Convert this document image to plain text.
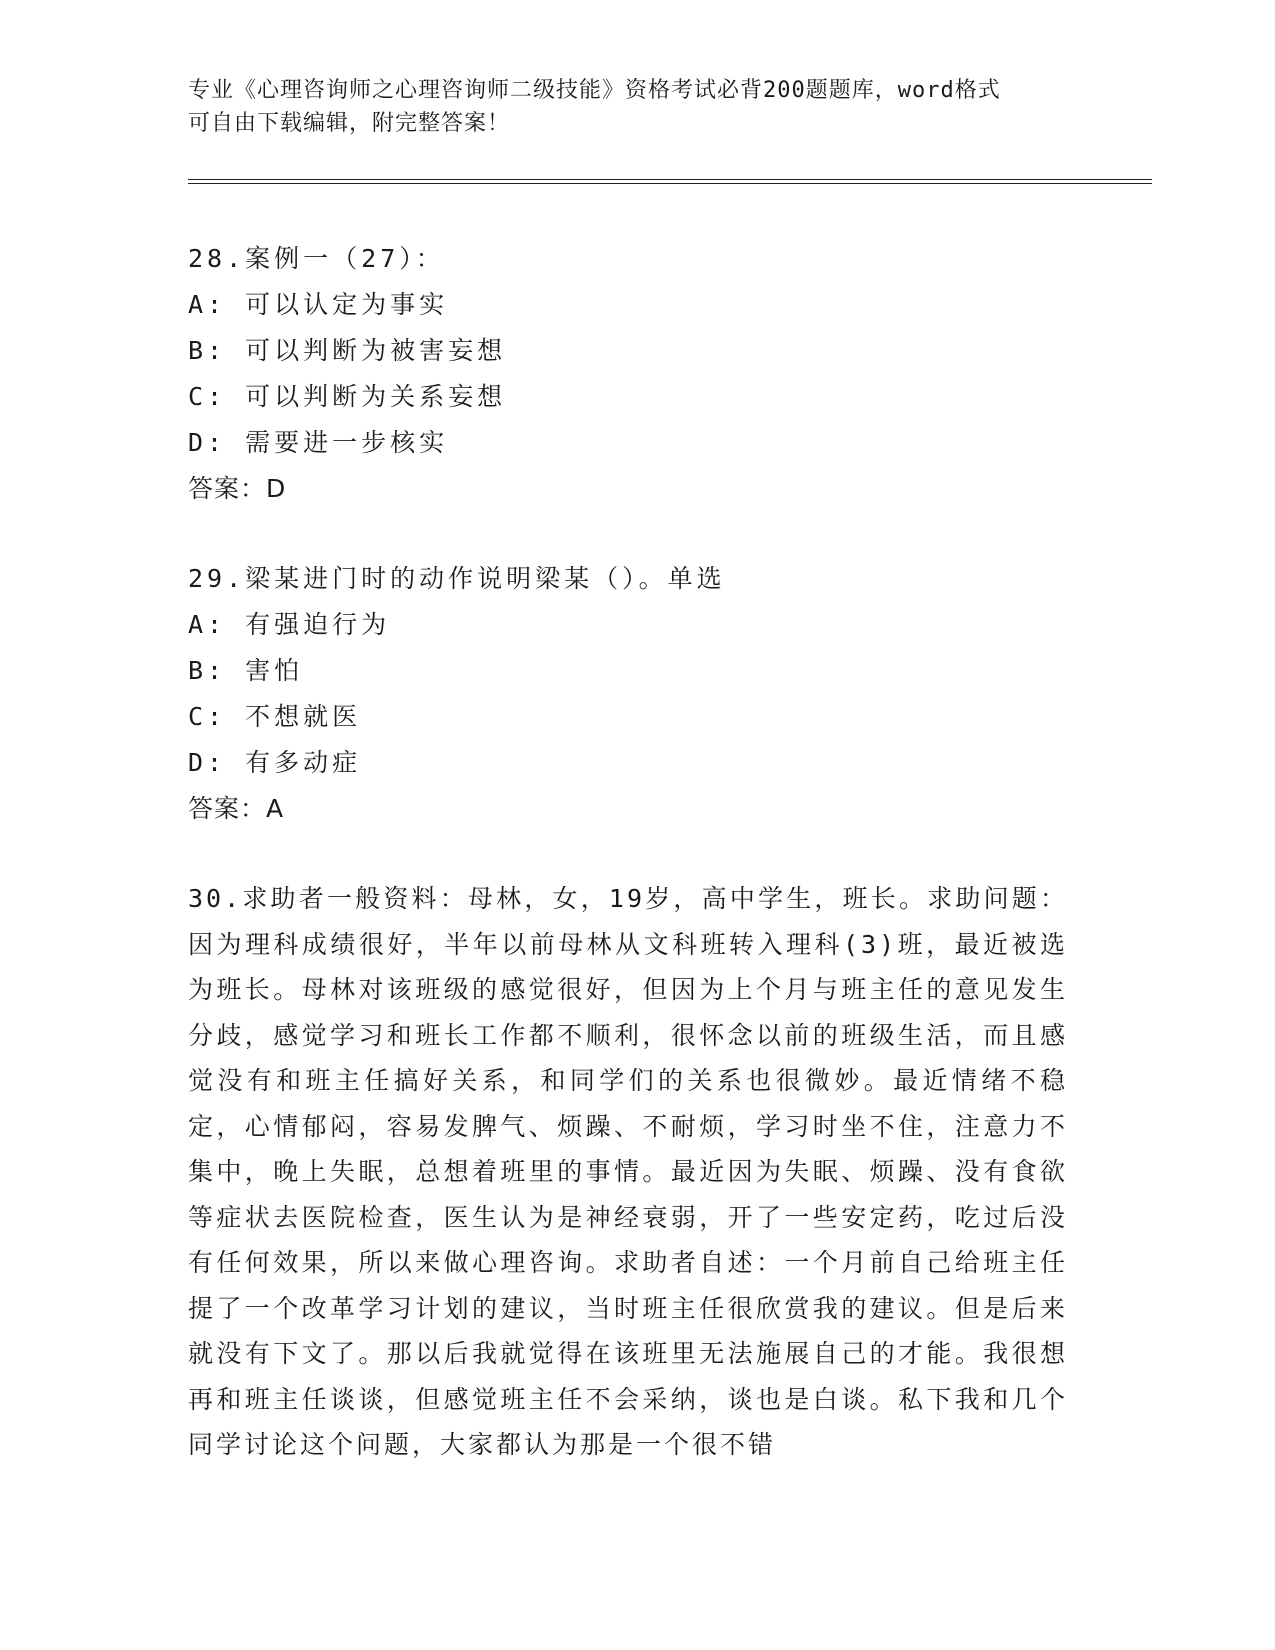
专业《心理咨询师之心理咨询师二级技能》资格考试必背200题题库，word格式
可自由下载编辑，附完整答案！
28.案例一（27）：
A: 可以认定为事实
B: 可以判断为被害妄想
C: 可以判断为关系妄想
D: 需要进一步核实
答案：D
29.梁某进门时的动作说明梁某（）。单选
A: 有强迫行为
B: 害怕
C: 不想就医
D: 有多动症
答案：A
30.求助者一般资料：母林，女，19岁，高中学生，班长。求助问题：因为理科成绩很好，半年以前母林从文科班转入理科(3)班，最近被选为班长。母林对该班级的感觉很好，但因为上个月与班主任的意见发生分歧，感觉学习和班长工作都不顺利，很怀念以前的班级生活，而且感觉没有和班主任搞好关系，和同学们的关系也很微妙。最近情绪不稳定，心情郁闷，容易发脾气、烦躁、不耐烦，学习时坐不住，注意力不集中，晚上失眠，总想着班里的事情。最近因为失眠、烦躁、没有食欲等症状去医院检查，医生认为是神经衰弱，开了一些安定药，吃过后没有任何效果，所以来做心理咨询。求助者自述：一个月前自己给班主任提了一个改革学习计划的建议，当时班主任很欣赏我的建议。但是后来就没有下文了。那以后我就觉得在该班里无法施展自己的才能。我很想再和班主任谈谈，但感觉班主任不会采纳，谈也是白谈。私下我和几个同学讨论这个问题，大家都认为那是一个很不错
